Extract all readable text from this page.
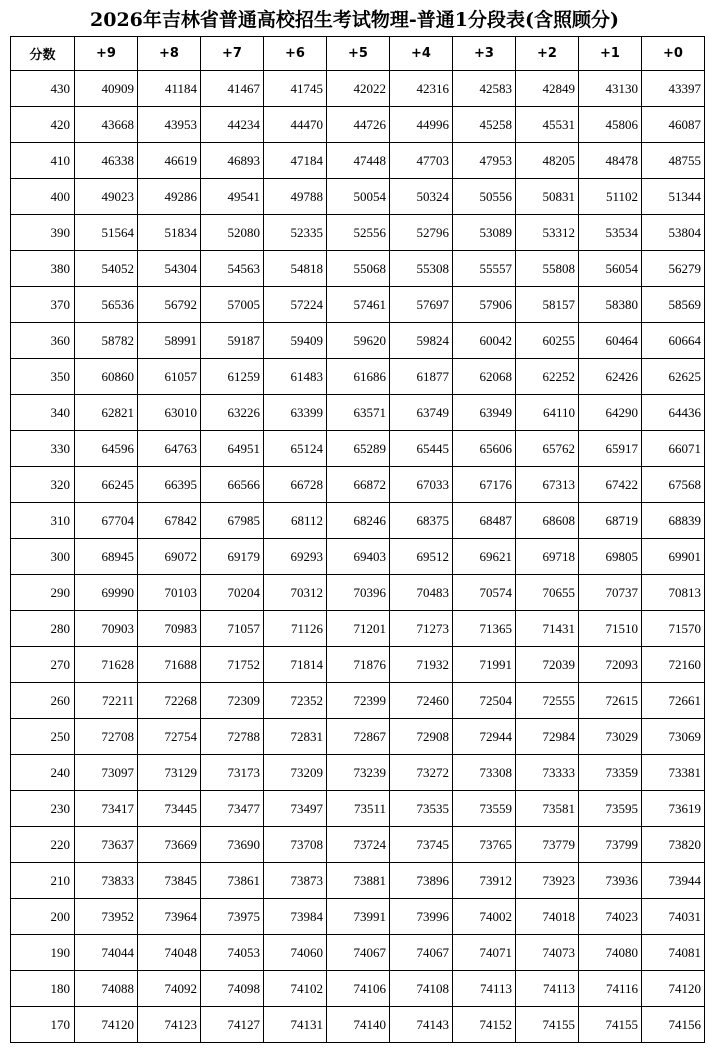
2026年吉林省普通高校招生考试物理-普通1分段表(含照顾分)
分数	+9	+8	+7	+6	+5	+4	+3	+2	+1	+0
430	40909	41184	41467	41745	42022	42316	42583	42849	43130	43397
420	43668	43953	44234	44470	44726	44996	45258	45531	45806	46087
410	46338	46619	46893	47184	47448	47703	47953	48205	48478	48755
400	49023	49286	49541	49788	50054	50324	50556	50831	51102	51344
390	51564	51834	52080	52335	52556	52796	53089	53312	53534	53804
380	54052	54304	54563	54818	55068	55308	55557	55808	56054	56279
370	56536	56792	57005	57224	57461	57697	57906	58157	58380	58569
360	58782	58991	59187	59409	59620	59824	60042	60255	60464	60664
350	60860	61057	61259	61483	61686	61877	62068	62252	62426	62625
340	62821	63010	63226	63399	63571	63749	63949	64110	64290	64436
330	64596	64763	64951	65124	65289	65445	65606	65762	65917	66071
320	66245	66395	66566	66728	66872	67033	67176	67313	67422	67568
310	67704	67842	67985	68112	68246	68375	68487	68608	68719	68839
300	68945	69072	69179	69293	69403	69512	69621	69718	69805	69901
290	69990	70103	70204	70312	70396	70483	70574	70655	70737	70813
280	70903	70983	71057	71126	71201	71273	71365	71431	71510	71570
270	71628	71688	71752	71814	71876	71932	71991	72039	72093	72160
260	72211	72268	72309	72352	72399	72460	72504	72555	72615	72661
250	72708	72754	72788	72831	72867	72908	72944	72984	73029	73069
240	73097	73129	73173	73209	73239	73272	73308	73333	73359	73381
230	73417	73445	73477	73497	73511	73535	73559	73581	73595	73619
220	73637	73669	73690	73708	73724	73745	73765	73779	73799	73820
210	73833	73845	73861	73873	73881	73896	73912	73923	73936	73944
200	73952	73964	73975	73984	73991	73996	74002	74018	74023	74031
190	74044	74048	74053	74060	74067	74067	74071	74073	74080	74081
180	74088	74092	74098	74102	74106	74108	74113	74113	74116	74120
170	74120	74123	74127	74131	74140	74143	74152	74155	74155	74156
